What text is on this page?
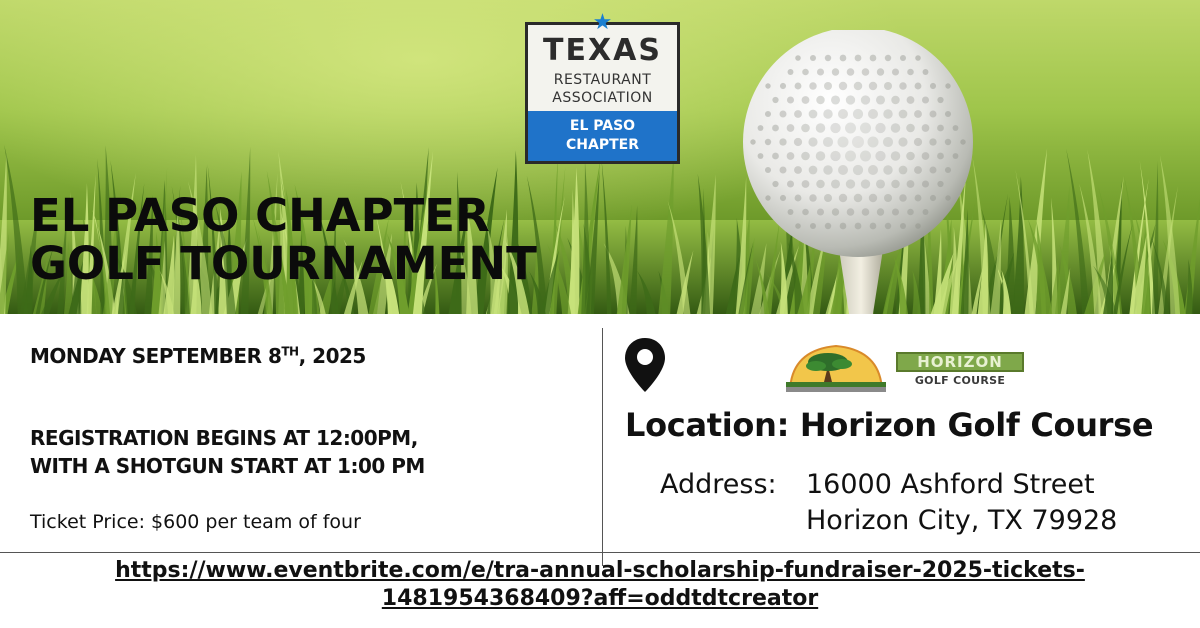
★
TEXAS
RESTAURANT
ASSOCIATION
EL PASO
CHAPTER
EL PASO CHAPTER
GOLF TOURNAMENT
MONDAY SEPTEMBER 8TH, 2025
REGISTRATION BEGINS AT 12:00PM,
WITH A SHOTGUN START AT 1:00 PM
Ticket Price: $600 per team of four
HORIZON
GOLF COURSE
Location: Horizon Golf Course
Address: 16000 Ashford Street
Horizon City, TX 79928
https://www.eventbrite.com/e/tra-annual-scholarship-fundraiser-2025-tickets-
1481954368409?aff=oddtdtcreator
